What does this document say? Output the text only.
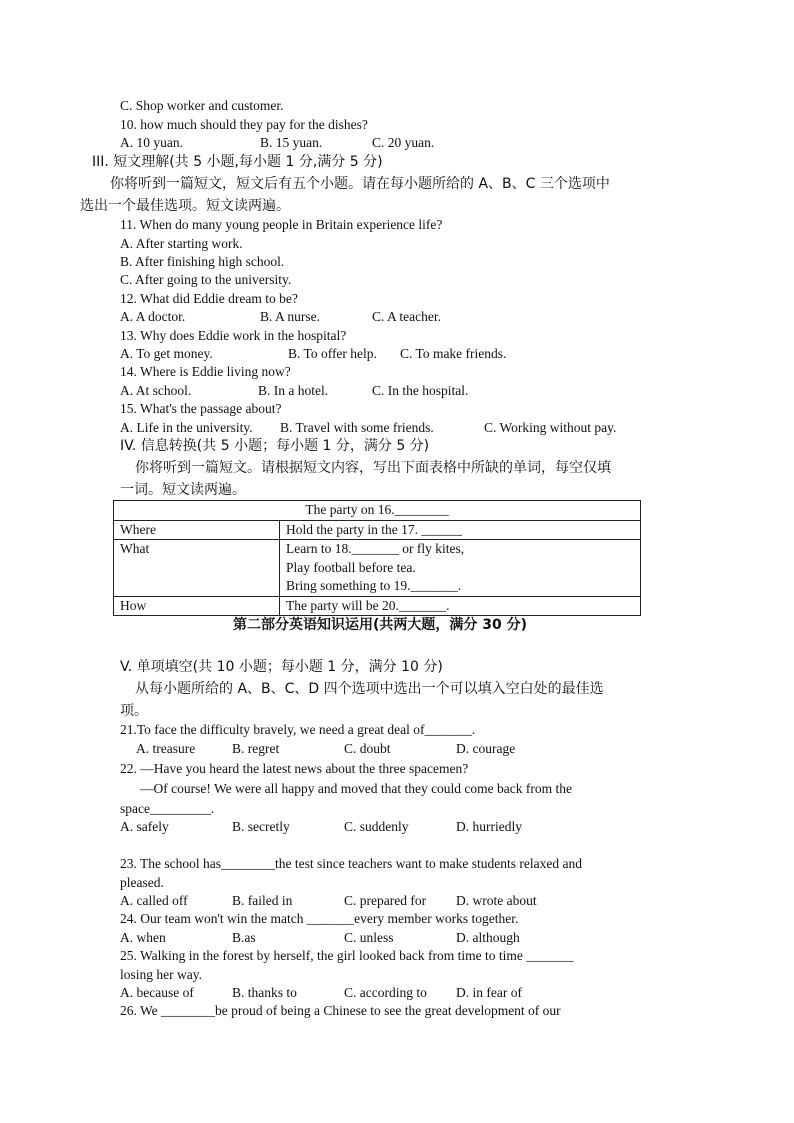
C. Shop worker and customer.
10. how much should they pay for the dishes?
A. 10 yuan.	B. 15 yuan.	C. 20 yuan.
III. 短文理解(共 5 小题,每小题 1 分,满分 5 分)
你将听到一篇短文，短文后有五个小题。请在每小题所给的 A、B、C 三个选项中
选出一个最佳选项。短文读两遍。
11. When do many young people in Britain experience life?
A. After starting work.
B. After finishing high school.
C. After going to the university.
12. What did Eddie dream to be?
A. A doctor.	B. A nurse.	C. A teacher.
13. Why does Eddie work in the hospital?
A. To get money.	B. To offer help. C. To make friends.
14. Where is Eddie living now?
A. At school.	B. In a hotel.	C. In the hospital.
15. What's the passage about?
A. Life in the university. B. Travel with some friends.	C. Working without pay.
IV. 信息转换(共 5 小题；每小题 1 分，满分 5 分)
你将听到一篇短文。请根据短文内容，写出下面表格中所缺的单词，每空仅填
一词。短文读两遍。
The party on 16.________	
Where	Hold the party in the 17. ______

What	Learn to 18._______ or fly kites,
Play football before tea.
Bring something to 19._______.

How	The party will be 20._______.
第二部分英语知识运用(共两大题，满分 30 分)
V. 单项填空(共 10 小题；每小题 1 分，满分 10 分)
从每小题所给的 A、B、C、D 四个选项中选出一个可以填入空白处的最佳选
项。
21.To face the difficulty bravely, we need a great deal of_______.
A. treasure	B. regret	C. doubt	D. courage
22. —Have you heard the latest news about the three spacemen?
—Of course! We were all happy and moved that they could come back from the
space_________.
A. safely	B. secretly	C. suddenly	D. hurriedly
23. The school has________the test since teachers want to make students relaxed and
pleased.
A. called off	B. failed in	C. prepared for D. wrote about
24. Our team won't win the match _______every member works together.
A. when	B.as	C. unless	D. although
25. Walking in the forest by herself, the girl looked back from time to time _______
losing her way.
A. because of	B. thanks to	C. according to D. in fear of
26. We ________be proud of being a Chinese to see the great development of our
